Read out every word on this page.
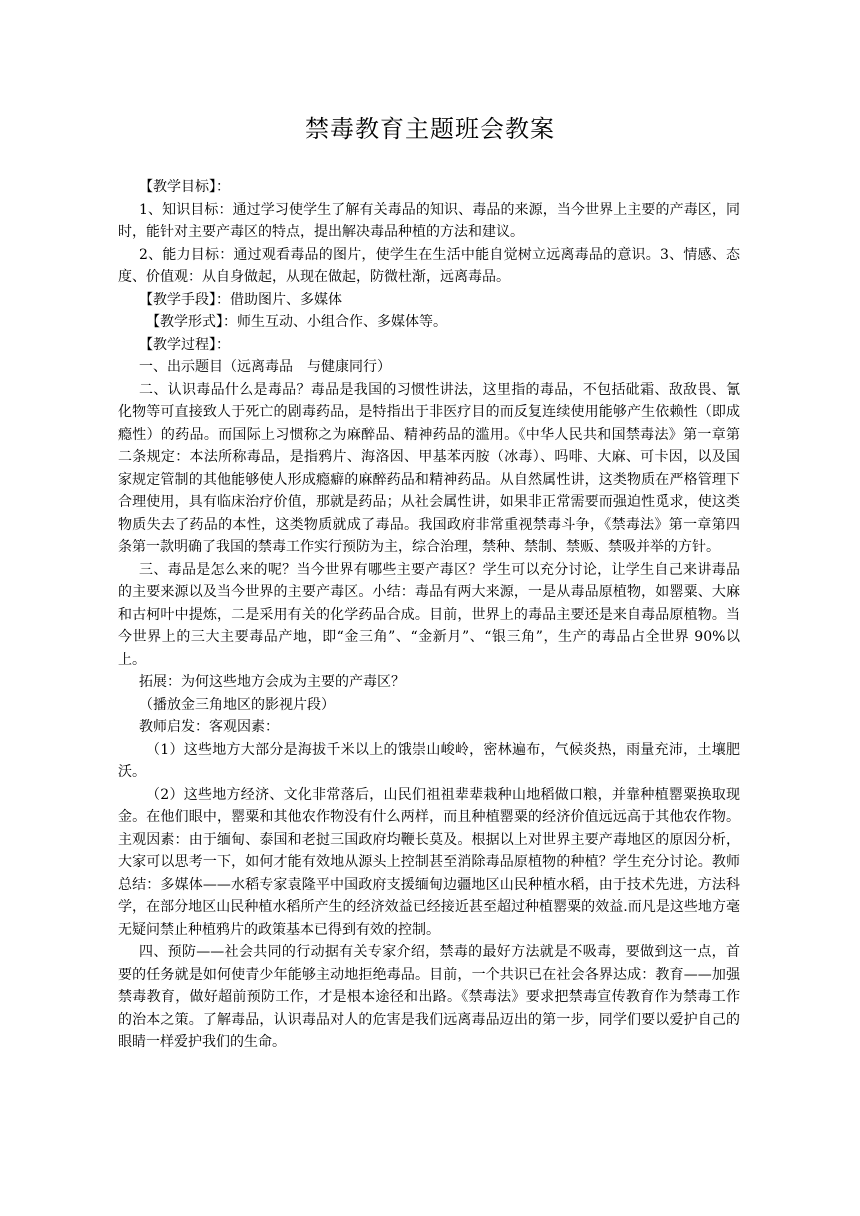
禁毒教育主题班会教案

【教学目标】：

1、知识目标：通过学习使学生了解有关毒品的知识、毒品的来源，当今世界上主要的产毒区，同时，能针对主要产毒区的特点，提出解决毒品种植的方法和建议。

2、能力目标：通过观看毒品的图片，使学生在生活中能自觉树立远离毒品的意识。3、情感、态度、价值观：从自身做起，从现在做起，防微杜渐，远离毒品。

【教学手段】：借助图片、多媒体

【教学形式】：师生互动、小组合作、多媒体等。

【教学过程】：

一、出示题目（远离毒品　与健康同行）

二、认识毒品什么是毒品？毒品是我国的习惯性讲法，这里指的毒品，不包括砒霜、敌敌畏、氰化物等可直接致人于死亡的剧毒药品，是特指出于非医疗目的而反复连续使用能够产生依赖性（即成瘾性）的药品。而国际上习惯称之为麻醉品、精神药品的滥用。《中华人民共和国禁毒法》第一章第二条规定：本法所称毒品，是指鸦片、海洛因、甲基苯丙胺（冰毒）、吗啡、大麻、可卡因，以及国家规定管制的其他能够使人形成瘾癖的麻醉药品和精神药品。从自然属性讲，这类物质在严格管理下合理使用，具有临床治疗价值，那就是药品；从社会属性讲，如果非正常需要而强迫性觅求，使这类物质失去了药品的本性，这类物质就成了毒品。我国政府非常重视禁毒斗争，《禁毒法》第一章第四条第一款明确了我国的禁毒工作实行预防为主，综合治理，禁种、禁制、禁贩、禁吸并举的方针。

三、毒品是怎么来的呢？当今世界有哪些主要产毒区？学生可以充分讨论，让学生自己来讲毒品的主要来源以及当今世界的主要产毒区。小结：毒品有两大来源，一是从毒品原植物，如罂粟、大麻和古柯叶中提炼，二是采用有关的化学药品合成。目前，世界上的毒品主要还是来自毒品原植物。当今世界上的三大主要毒品产地，即“金三角”、“金新月”、“银三角”，生产的毒品占全世界 90%以上。

拓展：为何这些地方会成为主要的产毒区？

（播放金三角地区的影视片段）

教师启发：客观因素：

（1）这些地方大部分是海拔千米以上的饿崇山峻岭，密林遍布，气候炎热，雨量充沛，土壤肥沃。

（2）这些地方经济、文化非常落后，山民们祖祖辈辈栽种山地稻做口粮，并靠种植罂粟换取现金。在他们眼中，罂粟和其他农作物没有什么两样，而且种植罂粟的经济价值远远高于其他农作物。主观因素：由于缅甸、泰国和老挝三国政府均鞭长莫及。根据以上对世界主要产毒地区的原因分析，大家可以思考一下，如何才能有效地从源头上控制甚至消除毒品原植物的种植？学生充分讨论。教师总结：多媒体——水稻专家袁隆平中国政府支援缅甸边疆地区山民种植水稻，由于技术先进，方法科学，在部分地区山民种植水稻所产生的经济效益已经接近甚至超过种植罂粟的效益.而凡是这些地方毫无疑问禁止种植鸦片的政策基本已得到有效的控制。

四、预防——社会共同的行动据有关专家介绍，禁毒的最好方法就是不吸毒，要做到这一点，首要的任务就是如何使青少年能够主动地拒绝毒品。目前，一个共识已在社会各界达成：教育——加强禁毒教育，做好超前预防工作，才是根本途径和出路。《禁毒法》要求把禁毒宣传教育作为禁毒工作的治本之策。了解毒品，认识毒品对人的危害是我们远离毒品迈出的第一步，同学们要以爱护自己的眼睛一样爱护我们的生命。
